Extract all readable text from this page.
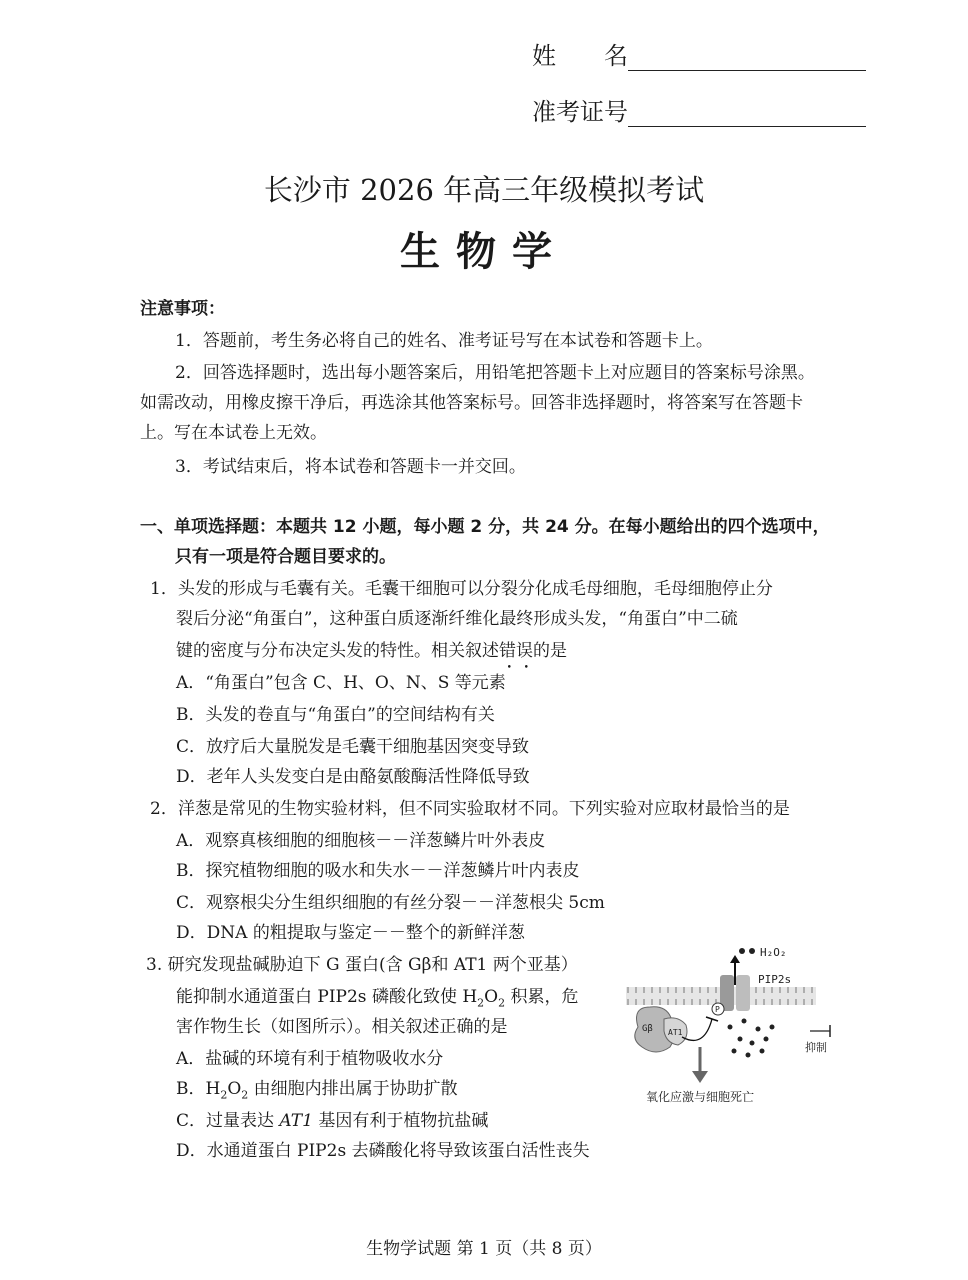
姓　　名
准考证号
长沙市 2026 年高三年级模拟考试
生物学
注意事项：
1．答题前，考生务必将自己的姓名、准考证号写在本试卷和答题卡上。
2．回答选择题时，选出每小题答案后，用铅笔把答题卡上对应题目的答案标号涂黑。
如需改动，用橡皮擦干净后，再选涂其他答案标号。回答非选择题时，将答案写在答题卡
上。写在本试卷上无效。
3．考试结束后，将本试卷和答题卡一并交回。
一、单项选择题：本题共 12 小题，每小题 2 分，共 24 分。在每小题给出的四个选项中，
只有一项是符合题目要求的。
1．头发的形成与毛囊有关。毛囊干细胞可以分裂分化成毛母细胞，毛母细胞停止分
裂后分泌“角蛋白”，这种蛋白质逐渐纤维化最终形成头发，“角蛋白”中二硫
键的密度与分布决定头发的特性。相关叙述错误的是
A．“角蛋白”包含 C、H、O、N、S 等元素
B．头发的卷直与“角蛋白”的空间结构有关
C．放疗后大量脱发是毛囊干细胞基因突变导致
D．老年人头发变白是由酪氨酸酶活性降低导致
2．洋葱是常见的生物实验材料，但不同实验取材不同。下列实验对应取材最恰当的是
A．观察真核细胞的细胞核－－洋葱鳞片叶外表皮
B．探究植物细胞的吸水和失水－－洋葱鳞片叶内表皮
C．观察根尖分生组织细胞的有丝分裂－－洋葱根尖 5cm
D．DNA 的粗提取与鉴定－－整个的新鲜洋葱
3. 研究发现盐碱胁迫下 G 蛋白(含 Gβ和 AT1 两个亚基）
能抑制水通道蛋白 PIP2s 磷酸化致使 $H_2O_2$ 积累，危
害作物生长（如图所示）。相关叙述正确的是
A．盐碱的环境有利于植物吸收水分
B．$H_2O_2$ 由细胞内排出属于协助扩散
C．过量表达 AT1 基因有利于植物抗盐碱
D．水通道蛋白 PIP2s 去磷酸化将导致该蛋白活性丧失
H₂O₂
PIP2s
Gβ AT1
P
抑制
氧化应激与细胞死亡
生物学试题 第 1 页（共 8 页）
